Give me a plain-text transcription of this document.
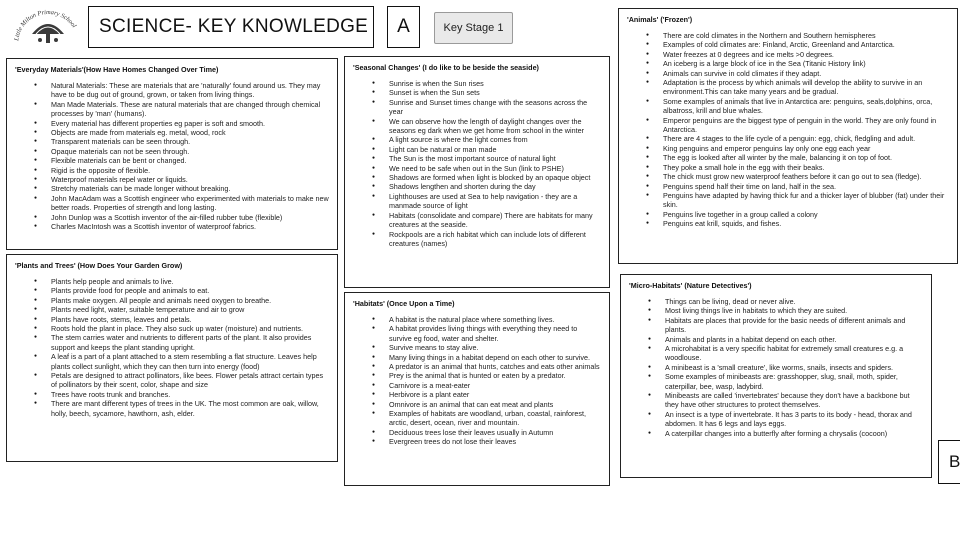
Little Milton Primary School SCIENCE- KEY KNOWLEDGE A	Key Stage 1
'Everyday Materials'(How Have Homes Changed Over Time)
● Natural Materials: These are materials that are 'naturally' found around us. They may have to be dug out of ground, grown, or taken from living things.
● Man Made Materials. These are natural materials that are changed through chemical processes by 'man' (humans).
● Every material has different properties eg paper is soft and smooth.
● Objects are made from materials eg. metal, wood, rock
● Transparent materials can be seen through.
● Opaque materials can not be seen through.
● Flexible materials can be bent or changed.
● Rigid is the opposite of flexible.
● Waterproof materials repel water or liquids.
● Stretchy materials can be made longer without breaking.
● John MacAdam was a Scottish engineer who experimented with materials to make new better roads. Properties of strength and long lasting.
● John Dunlop was a Scottish inventor of the air-filled rubber tube (flexible)
● Charles MacIntosh was a Scottish inventor of waterproof fabrics.
'Plants and Trees' (How Does Your Garden Grow)
● Plants help people and animals to live.
● Plants provide food for people and animals to eat.
● Plants make oxygen. All people and animals need oxygen to breathe.
● Plants need light, water, suitable temperature and air to grow
● Plants have roots, stems, leaves and petals.
● Roots hold the plant in place. They also suck up water (moisture) and nutrients.
● The stem carries water and nutrients to different parts of the plant. It also provides support and keeps the plant standing upright.
● A leaf is a part of a plant attached to a stem resembling a flat structure. Leaves help plants collect sunlight, which they can then turn into energy (food)
● Petals are designed to attract pollinators, like bees. Flower petals attract certain types of pollinators by their scent, color, shape and size
● Trees have roots trunk and branches.
● There are mant different types of trees in the UK. The most common are oak, willow, holly, beech, sycamore, hawthorn, ash, elder.
'Seasonal Changes' (I do like to be beside the seaside)
● Sunrise is when the Sun rises
● Sunset is when the Sun sets
● Sunrise and Sunset times change with the seasons across the year
● We can observe how the length of daylight changes over the seasons eg dark when we get home from school in the winter
● A light source is where the light comes from
● Light can be natural or man made
● The Sun is the most important source of natural light
● We need to be safe when out in the Sun (link to PSHE)
● Shadows are formed when light is blocked by an opaque object
● Shadows lengthen and shorten during the day
● Lighthouses are used at Sea to help navigation - they are a manmade source of light
● Habitats (consolidate and compare) There are habitats for many creatures at the seaside.
● Rockpools are a rich habitat which can include lots of different creatures (names)
'Habitats' (Once Upon a Time)
● A habitat is the natural place where something lives.
● A habitat provides living things with everything they need to survive eg food, water and shelter.
● Survive means to stay alive.
● Many living things in a habitat depend on each other to survive.
● A predator is an animal that hunts, catches and eats other animals
● Prey is the animal that is hunted or eaten by a predator.
● Carnivore is a meat-eater
● Herbivore is a plant eater
● Omnivore is an animal that can eat meat and plants
● Examples of habitats are woodland, urban, coastal, rainforest, arctic, desert, ocean, river and mountain.
● Deciduous trees lose their leaves usually in Autumn
● Evergreen trees do not lose their leaves
'Animals' ('Frozen')
● There are cold climates in the Northern and Southern hemispheres
● Examples of cold climates are: Finland, Arctic, Greenland and Antarctica.
● Water freezes at 0 degrees and ice melts >0 degrees.
● An iceberg is a large block of ice in the Sea (Titanic History link)
● Animals can survive in cold climates if they adapt.
● Adaptation is the process by which animals will develop the ability to survive in an environment.This can take many years and be gradual.
● Some examples of animals that live in Antarctica are: penguins, seals,dolphins, orca, albatross, krill and blue whales.
● Emperor penguins are the biggest type of penguin in the world. They are only found in Antarctica.
● There are 4 stages to the life cycle of a penguin: egg, chick, fledgling and adult.
● King penguins and emperor penguins lay only one egg each year
● The egg is looked after all winter by the male, balancing it on top of foot.
● They poke a small hole in the egg with their beaks.
● The chick must grow new waterproof feathers before it can go out to sea (fledge).
● Penguins spend half their time on land, half in the sea.
● Penguins have adapted by having thick fur and a thicker layer of blubber (fat) under their skin.
● Penguins live together in a group called a colony
● Penguins eat krill, squids, and fishes.
'Micro-Habitats' (Nature Detectives')
● Things can be living, dead or never alive.
● Most living things live in habitats to which they are suited.
● Habitats are places that provide for the basic needs of different animals and plants.
● Animals and plants in a habitat depend on each other.
● A microhabitat is a very specific habitat for extremely small creatures e.g. a woodlouse.
● A minibeast is a 'small creature', like worms, snails, insects and spiders.
● Some examples of minibeasts are: grasshopper, slug, snail, moth, spider, caterpillar, bee, wasp, ladybird.
● Minibeasts are called 'invertebrates' because they don't have a backbone but they have other structures to protect themselves.
● An insect is a type of invertebrate. It has 3 parts to its body - head, thorax and abdomen. It has 6 legs and lays eggs.
● A caterpillar changes into a butterfly after forming a chrysalis (cocoon)
B
